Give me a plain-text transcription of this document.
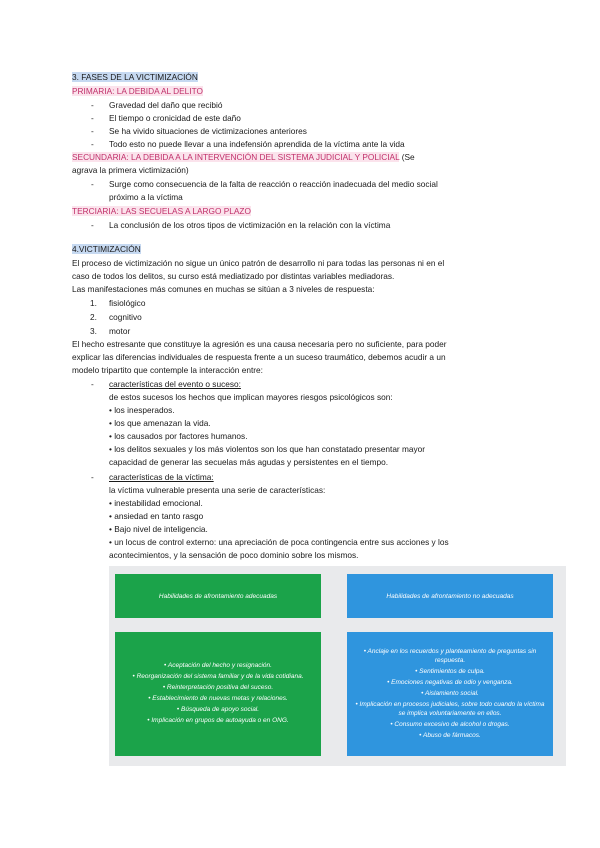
3. FASES DE LA VICTIMIZACIÓN
PRIMARIA: LA DEBIDA AL DELITO
- Gravedad del daño que recibió
- El tiempo o cronicidad de este daño
- Se ha vivido situaciones de victimizaciones anteriores
- Todo esto no puede llevar a una indefensión aprendida de la víctima ante la vida
SECUNDARIA: LA DEBIDA A LA INTERVENCIÓN DEL SISTEMA JUDICIAL Y POLICIAL (Se
agrava la primera victimización)
- Surge como consecuencia de la falta de reacción o reacción inadecuada del medio social
próximo a la víctima
TERCIARIA: LAS SECUELAS A LARGO PLAZO
- La conclusión de los otros tipos de victimización en la relación con la víctima
4.VICTIMIZACIÓN
El proceso de victimización no sigue un único patrón de desarrollo ni para todas las personas ni en el
caso de todos los delitos, su curso está mediatizado por distintas variables mediadoras.
Las manifestaciones más comunes en muchas se sitúan a 3 niveles de respuesta:
1. fisiológico
2. cognitivo
3. motor
El hecho estresante que constituye la agresión es una causa necesaria pero no suficiente, para poder
explicar las diferencias individuales de respuesta frente a un suceso traumático, debemos acudir a un
modelo tripartito que contemple la interacción entre:
- características del evento o suceso:
de estos sucesos los hechos que implican mayores riesgos psicológicos son:
• los inesperados.
• los que amenazan la vida.
• los causados por factores humanos.
• los delitos sexuales y los más violentos son los que han constatado presentar mayor
capacidad de generar las secuelas más agudas y persistentes en el tiempo.
- características de la víctima:
la víctima vulnerable presenta una serie de características:
• inestabilidad emocional.
• ansiedad en tanto rasgo
• Bajo nivel de inteligencia.
• un locus de control externo: una apreciación de poca contingencia entre sus acciones y los
acontecimientos, y la sensación de poco dominio sobre los mismos.
Habilidades de afrontamiento adecuadas	Habilidades de afrontamiento no adecuadas
• Aceptación del hecho y resignación.
• Reorganización del sistema familiar y de la vida cotidiana.
• Reinterpretación positiva del suceso.
• Establecimiento de nuevas metas y relaciones.
• Búsqueda de apoyo social.
• Implicación en grupos de autoayuda o en ONG.
• Anclaje en los recuerdos y planteamiento de preguntas sin respuesta.
• Sentimientos de culpa.
• Emociones negativas de odio y venganza.
• Aislamiento social.
• Implicación en procesos judiciales, sobre todo cuando la víctima se implica voluntariamente en ellos.
• Consumo excesivo de alcohol o drogas.
• Abuso de fármacos.
